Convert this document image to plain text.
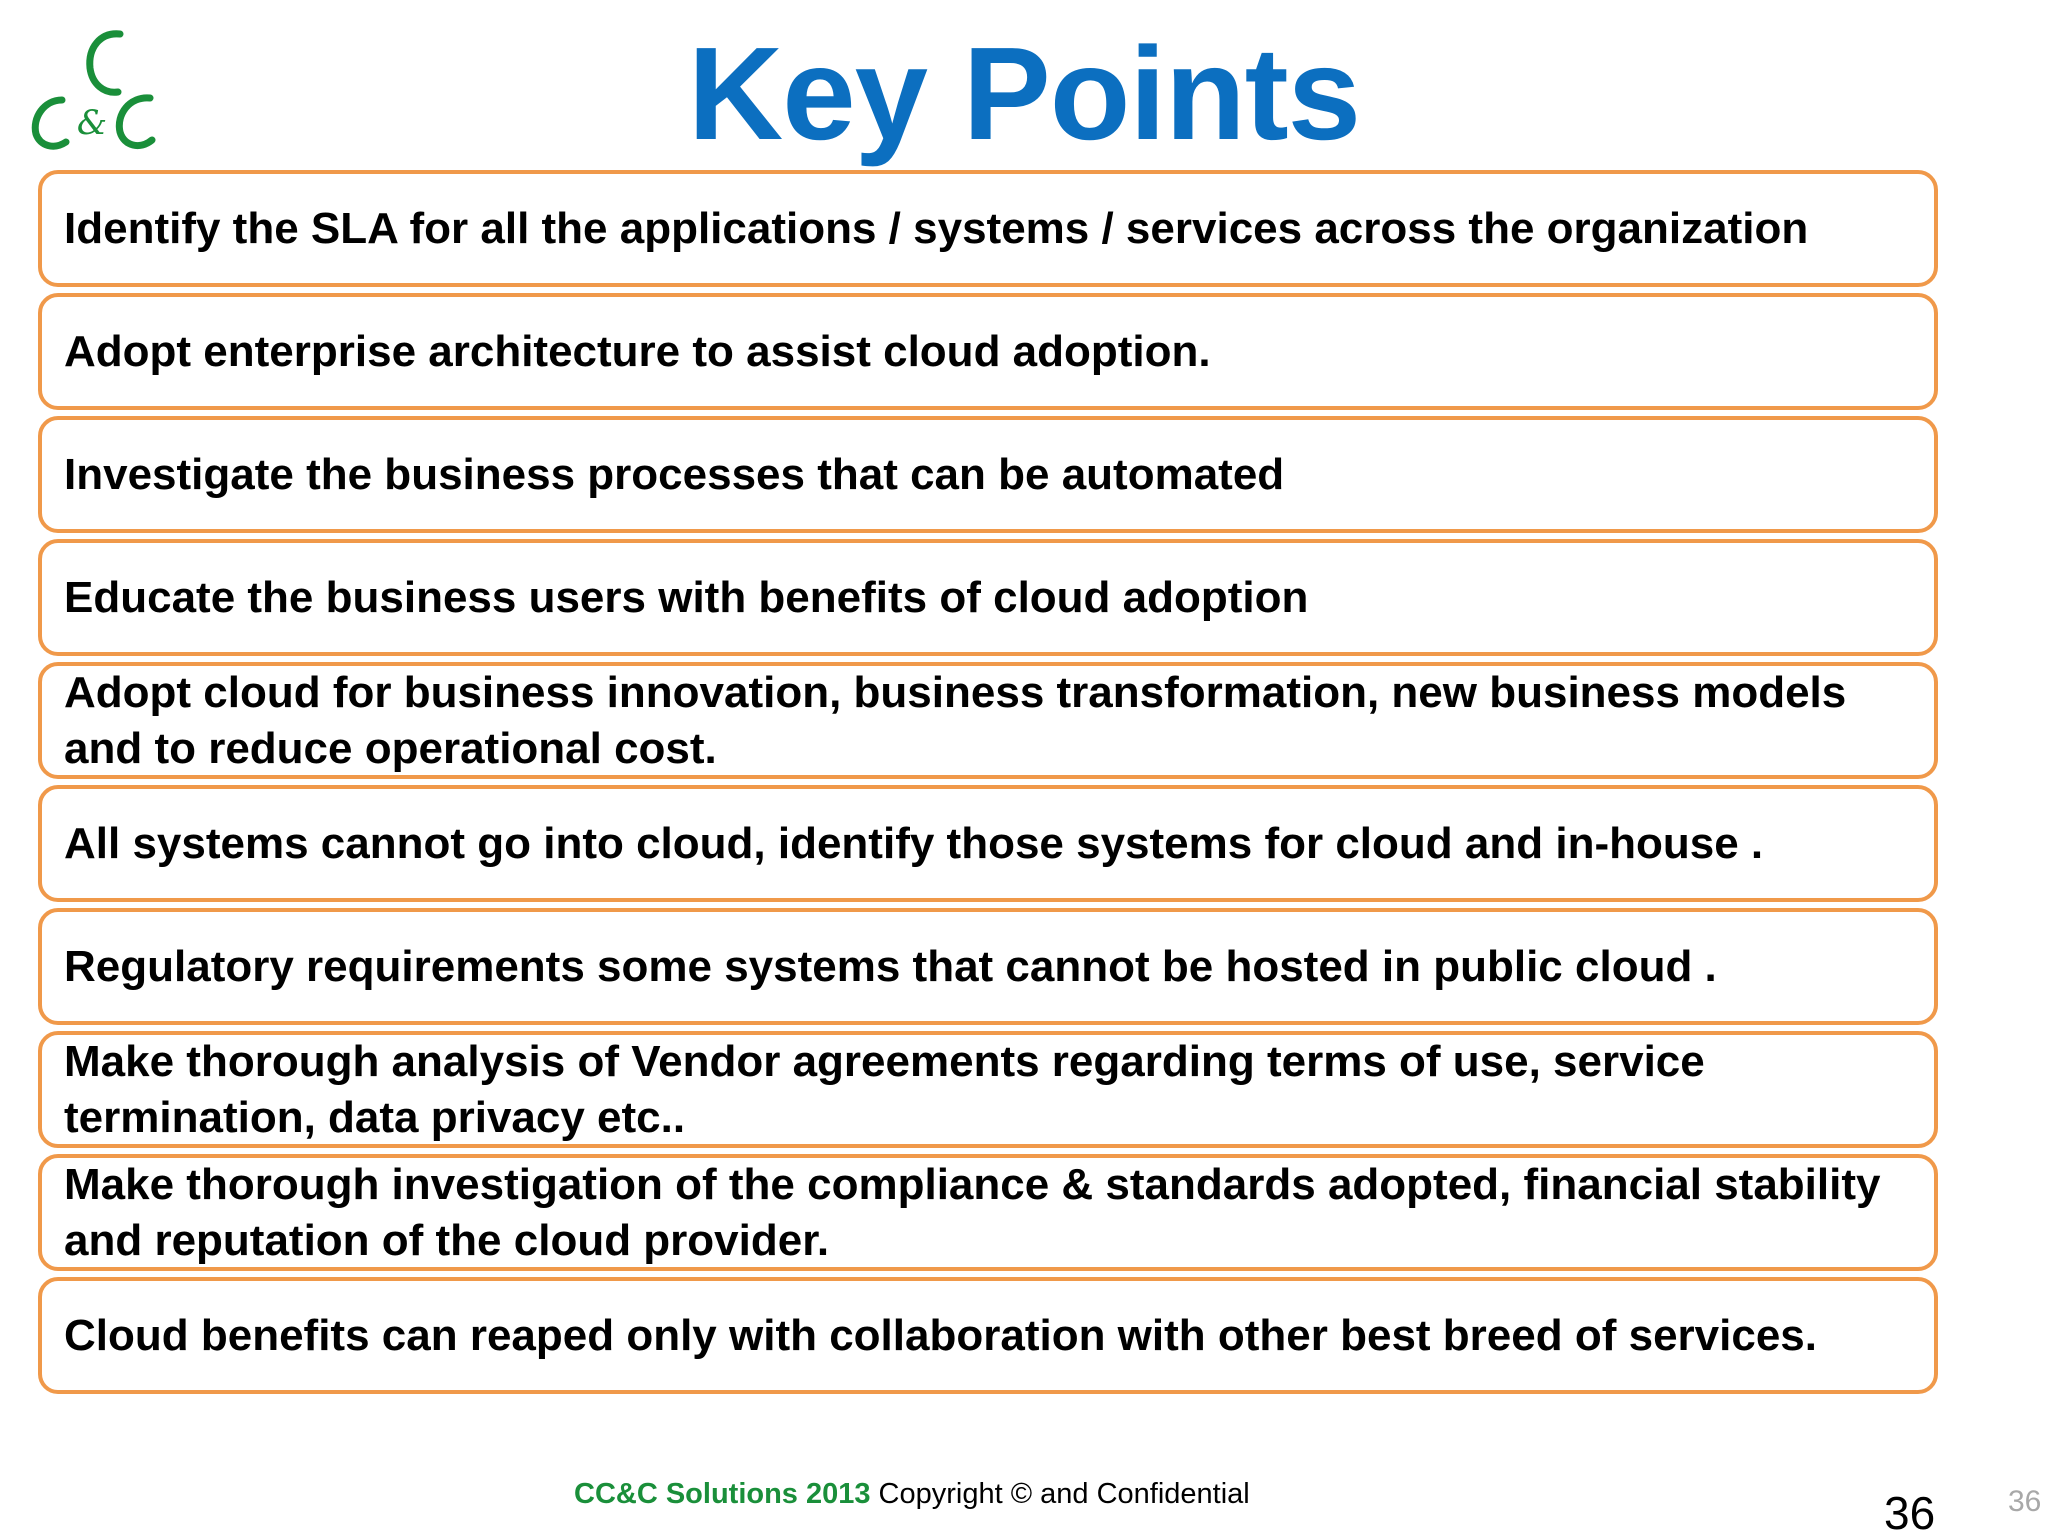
&	Key Points
Identify the SLA for all the applications / systems / services across the organization
Adopt enterprise architecture to assist cloud adoption.
Investigate the business processes that can be automated
Educate the business users with benefits of cloud adoption
Adopt cloud for business innovation, business transformation, new business models and to reduce operational cost.
All systems cannot go into cloud, identify those systems for cloud and in-house .
Regulatory requirements some systems that cannot be hosted in public cloud .
Make thorough analysis of Vendor agreements regarding terms of use, service termination, data privacy etc..
Make thorough investigation of the compliance & standards adopted, financial stability and reputation of the cloud provider.
Cloud benefits can reaped only with collaboration with other best breed of services.
CC&C Solutions 2013 Copyright © and Confidential	36 36
